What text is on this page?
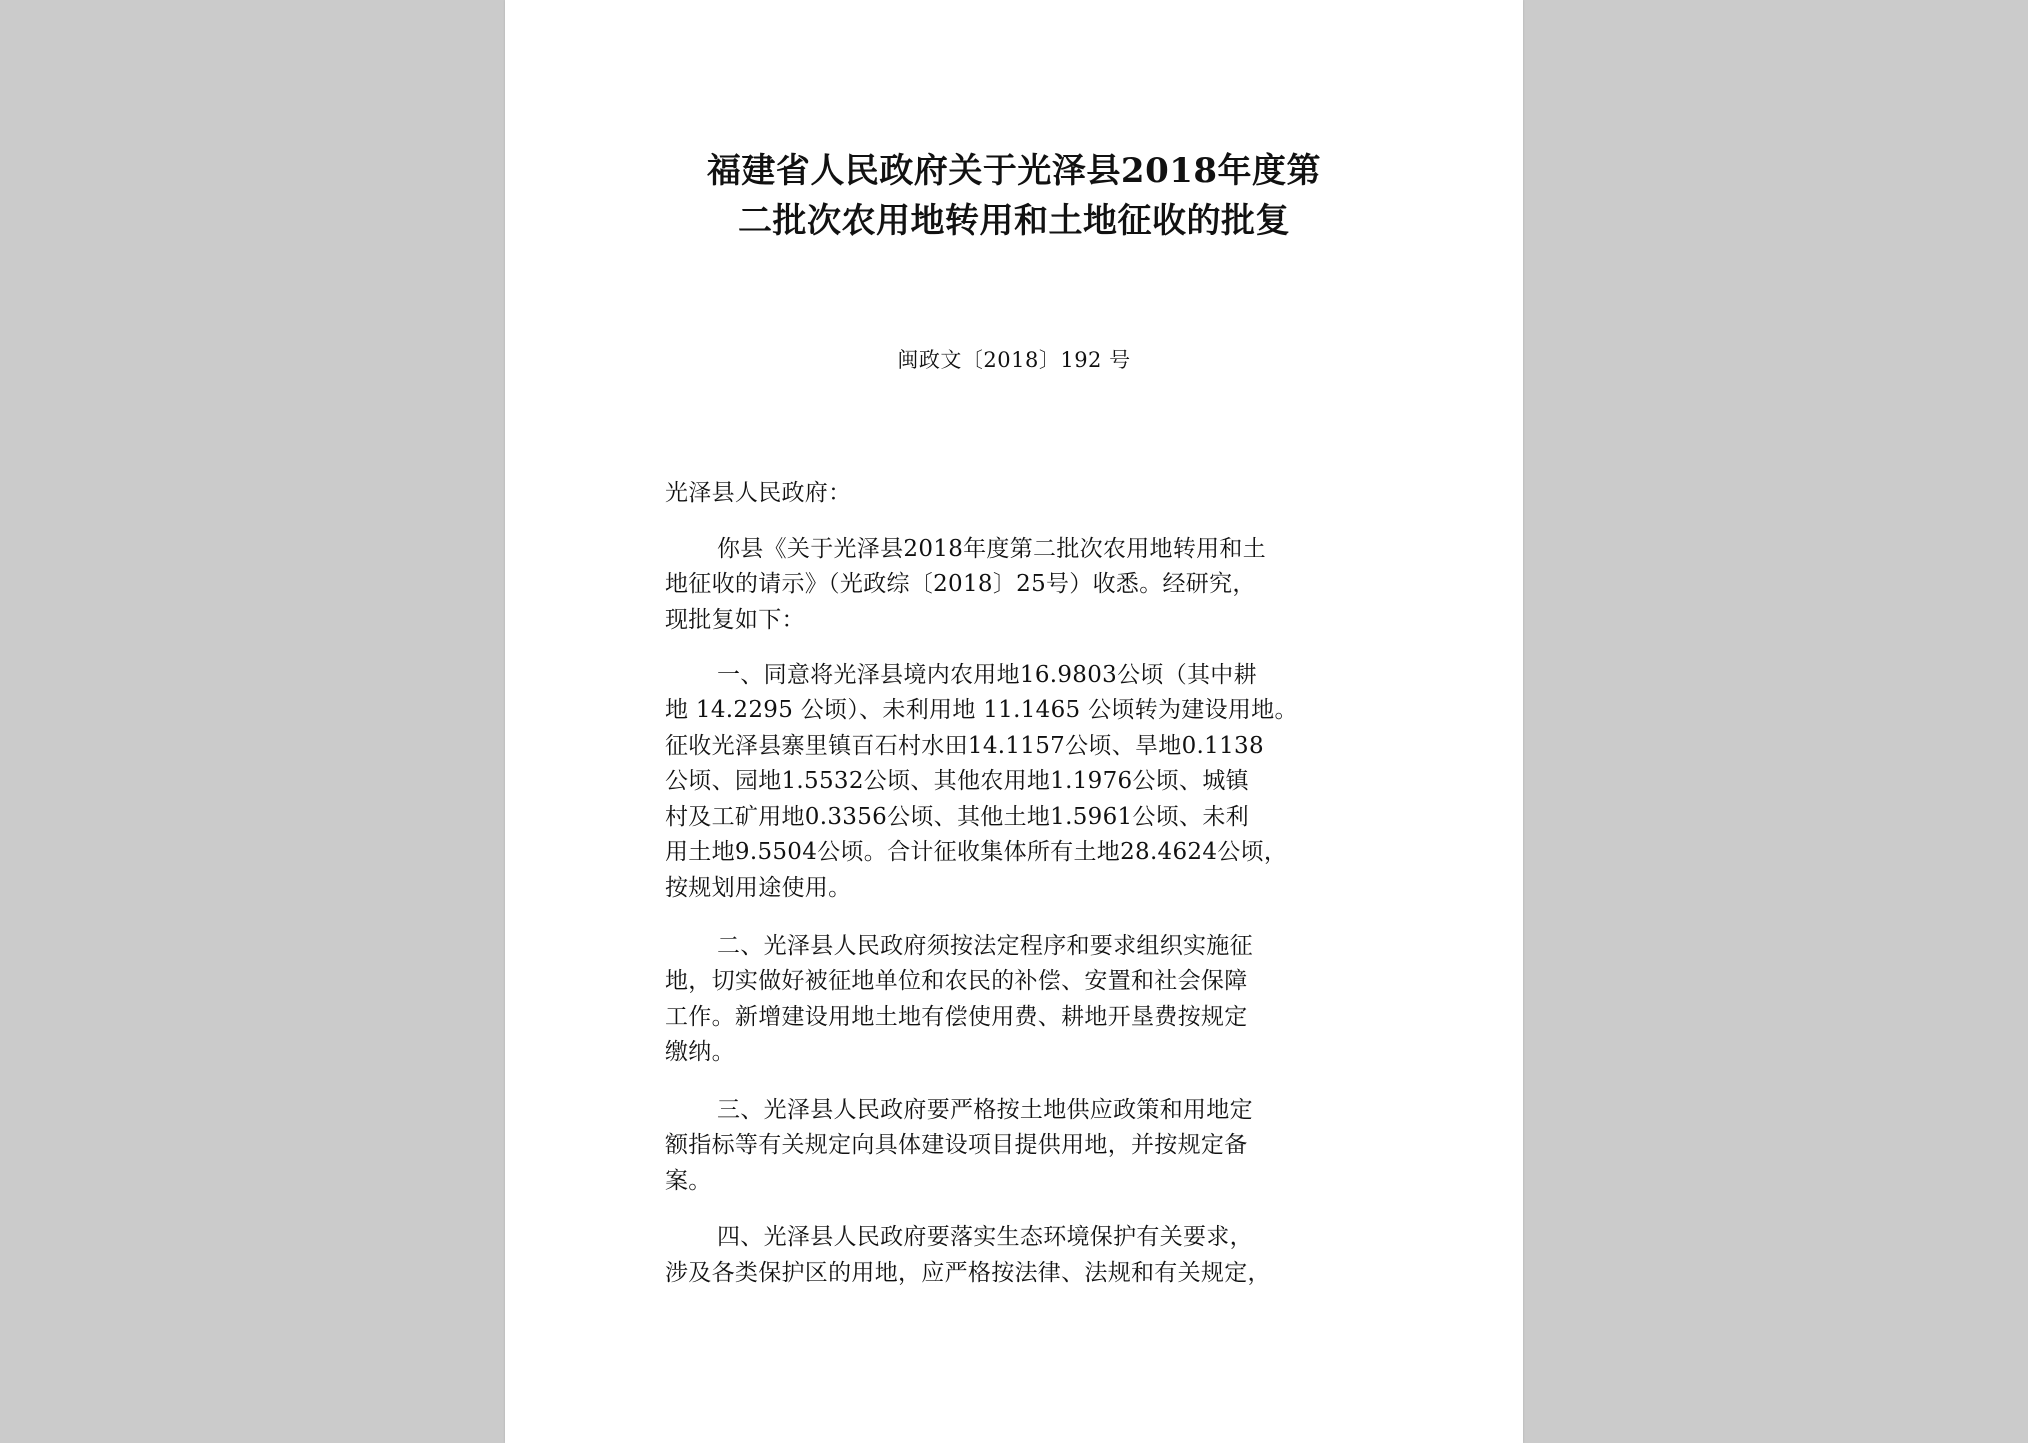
福建省人民政府关于光泽县2018年度第
二批次农用地转用和土地征收的批复

闽政文〔2018〕192 号

光泽县人民政府：

你县《关于光泽县2018年度第二批次农用地转用和土

地征收的请示》（光政综〔2018〕25号）收悉。经研究，

现批复如下：

一、同意将光泽县境内农用地16.9803公顷（其中耕

地 14.2295 公顷）、未利用地 11.1465 公顷转为建设用地。

征收光泽县寨里镇百石村水田14.1157公顷、旱地0.1138

公顷、园地1.5532公顷、其他农用地1.1976公顷、城镇

村及工矿用地0.3356公顷、其他土地1.5961公顷、未利

用土地9.5504公顷。合计征收集体所有土地28.4624公顷，

按规划用途使用。

二、光泽县人民政府须按法定程序和要求组织实施征

地，切实做好被征地单位和农民的补偿、安置和社会保障

工作。新增建设用地土地有偿使用费、耕地开垦费按规定

缴纳。

三、光泽县人民政府要严格按土地供应政策和用地定

额指标等有关规定向具体建设项目提供用地，并按规定备

案。

四、光泽县人民政府要落实生态环境保护有关要求，

涉及各类保护区的用地，应严格按法律、法规和有关规定，
